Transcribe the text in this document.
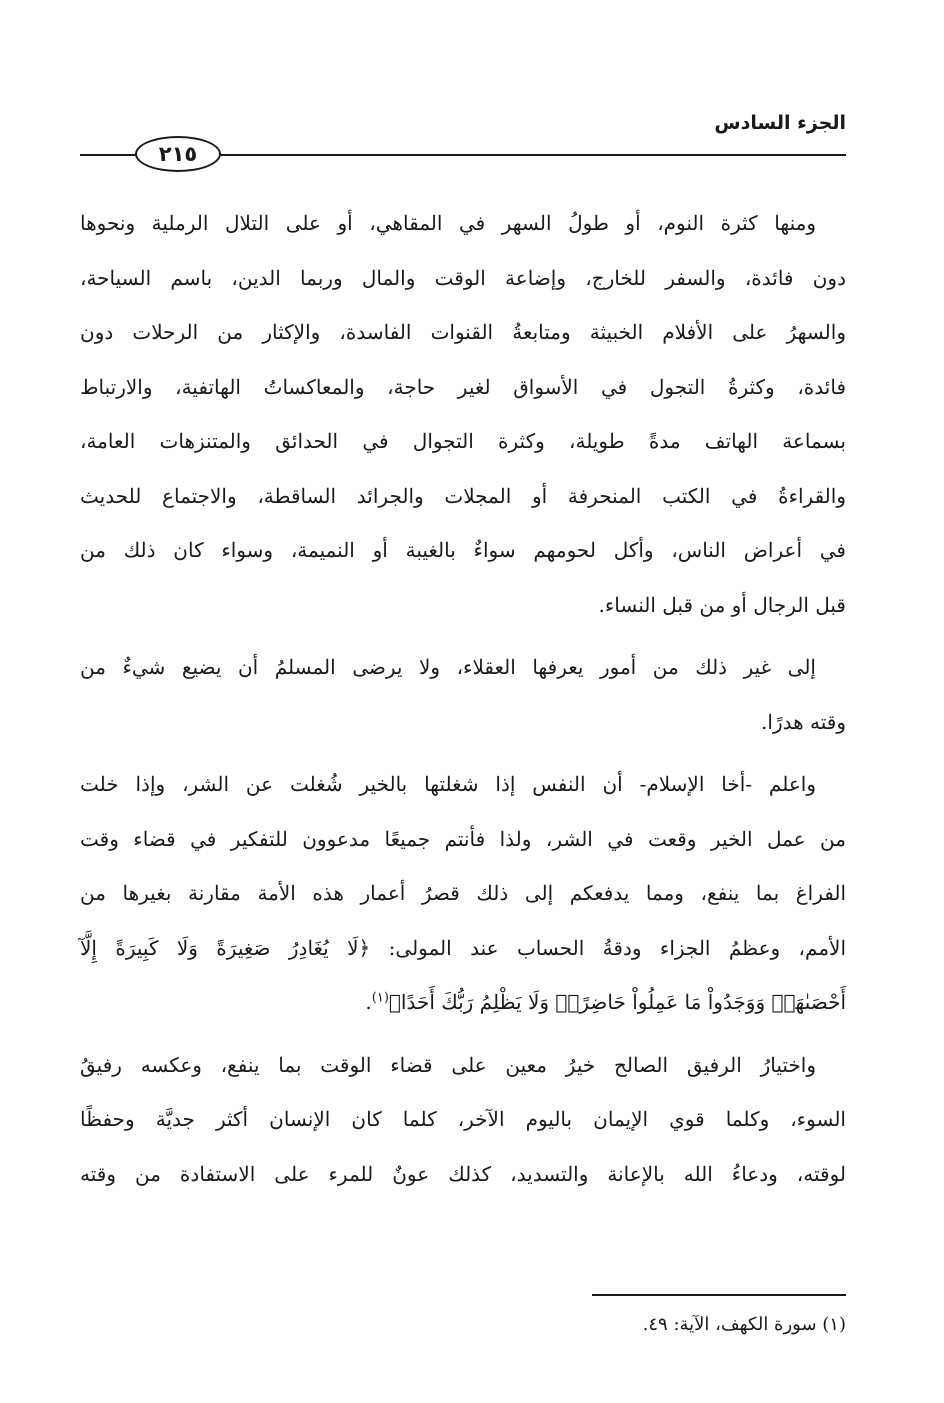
الجزء السادس
٢١٥

ومنها كثرة النوم، أو طولُ السهر في المقاهي، أو على التلال الرملية ونحوها
دون فائدة، والسفر للخارج، وإضاعة الوقت والمال وربما الدين، باسم السياحة،
والسهرُ على الأفلام الخبيثة ومتابعةُ القنوات الفاسدة، والإكثار من الرحلات دون
فائدة، وكثرةُ التجول في الأسواق لغير حاجة، والمعاكساتُ الهاتفية، والارتباط
بسماعة الهاتف مدةً طويلة، وكثرة التجوال في الحدائق والمتنزهات العامة،
والقراءةُ في الكتب المنحرفة أو المجلات والجرائد الساقطة، والاجتماع للحديث
في أعراض الناس، وأكل لحومهم سواءٌ بالغيبة أو النميمة، وسواء كان ذلك من
قبل الرجال أو من قبل النساء.

إلى غير ذلك من أمور يعرفها العقلاء، ولا يرضى المسلمُ أن يضيع شيءٌ من
وقته هدرًا.

واعلم -أخا الإسلام- أن النفس إذا شغلتها بالخير شُغلت عن الشر، وإذا خلت
من عمل الخير وقعت في الشر، ولذا فأنتم جميعًا مدعوون للتفكير في قضاء وقت
الفراغ بما ينفع، ومما يدفعكم إلى ذلك قصرُ أعمار هذه الأمة مقارنة بغيرها من
الأمم، وعظمُ الجزاء ودقةُ الحساب عند المولى: ﴿لَا يُغَادِرُ صَغِيرَةً وَلَا كَبِيرَةً إِلَّآ
أَحْصَىٰهَاۚ وَوَجَدُواْ مَا عَمِلُواْ حَاضِرًاۗ وَلَا يَظْلِمُ رَبُّكَ أَحَدًا﴾$^{(١)}$.

واختيارُ الرفيق الصالح خيرُ معين على قضاء الوقت بما ينفع، وعكسه رفيقُ
السوء، وكلما قوي الإيمان باليوم الآخر، كلما كان الإنسان أكثر جديَّة وحفظًا
لوقته، ودعاءُ الله بالإعانة والتسديد، كذلك عونٌ للمرء على الاستفادة من وقته

(١) سورة الكهف، الآية: ٤٩.
